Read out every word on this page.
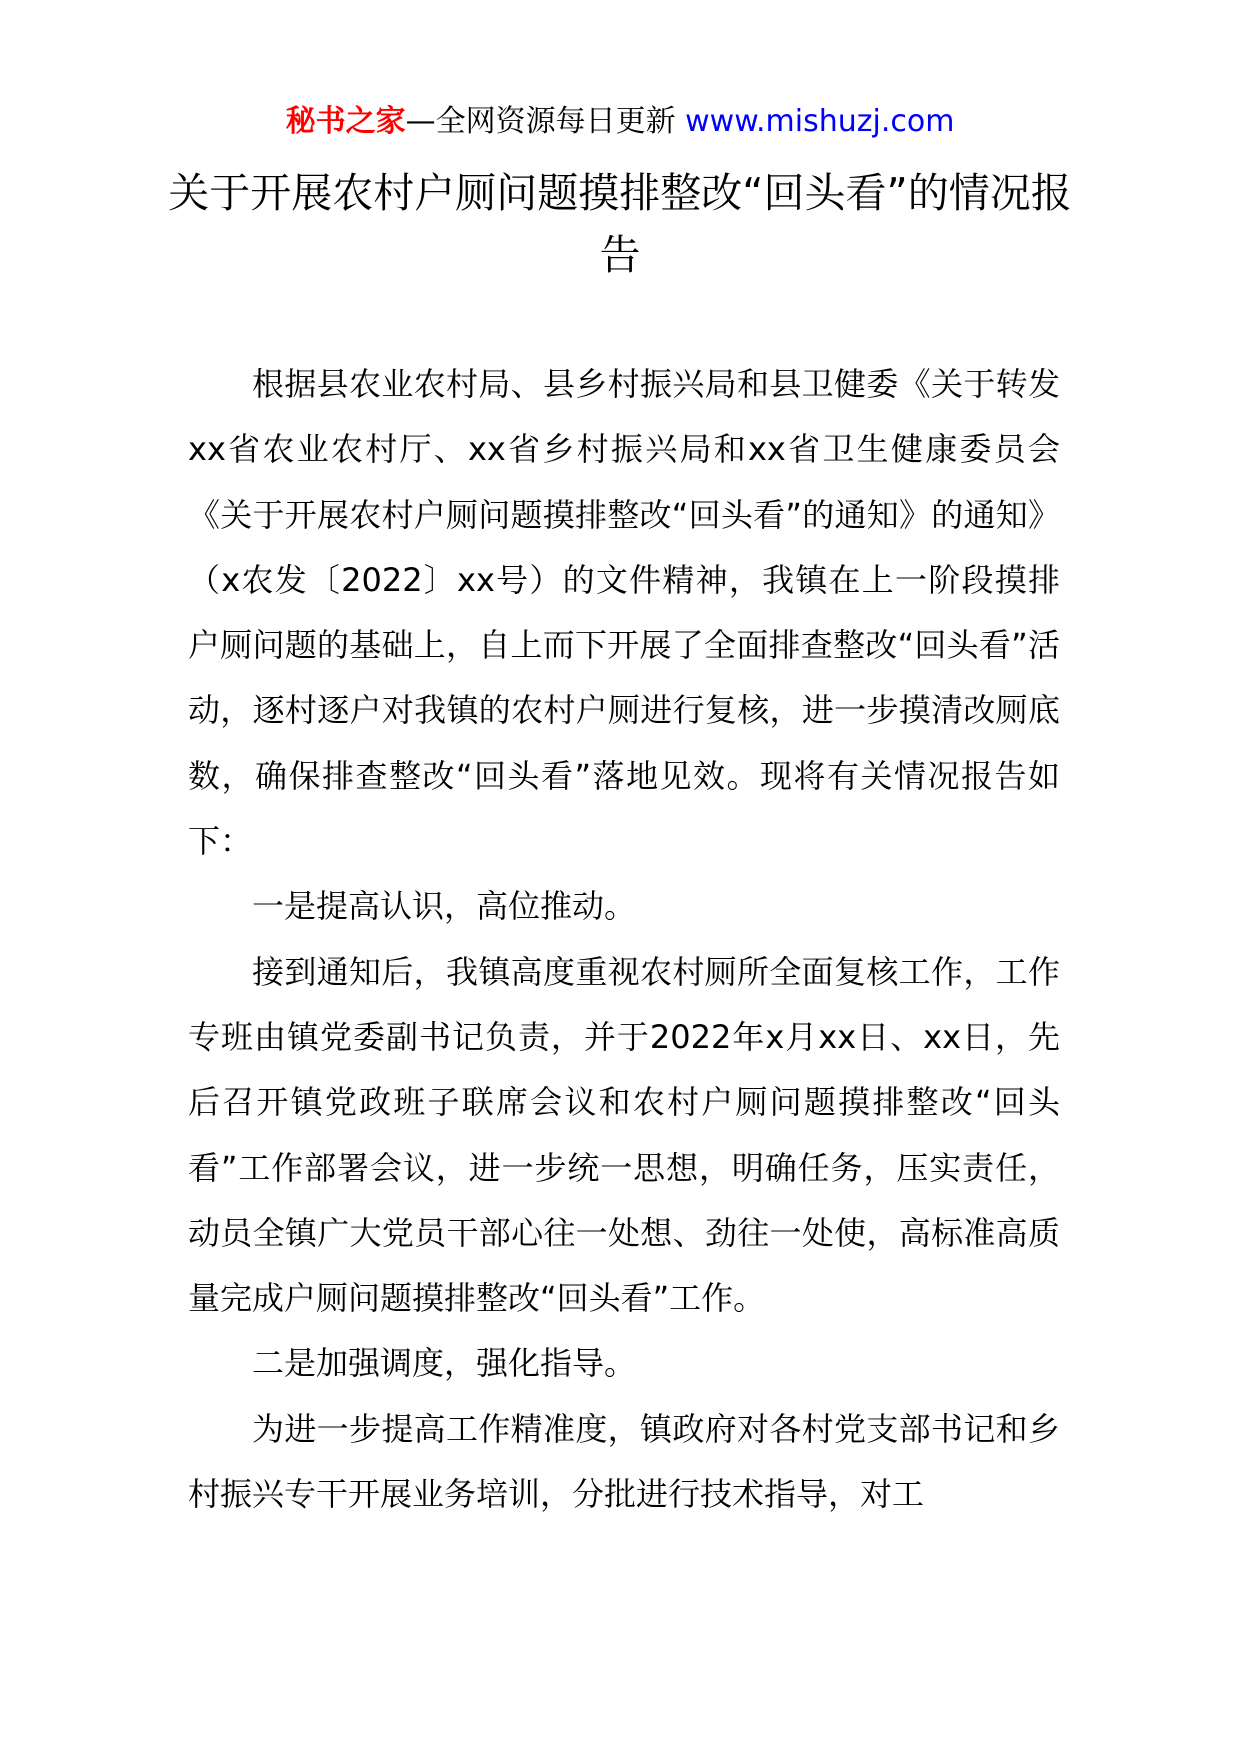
秘书之家—全网资源每日更新 www.mishuzj.com
关于开展农村户厕问题摸排整改“回头看”的情况报告

根据县农业农村局、县乡村振兴局和县卫健委《关于转发xx省农业农村厅、xx省乡村振兴局和xx省卫生健康委员会《关于开展农村户厕问题摸排整改“回头看”的通知》的通知》（x农发〔2022〕xx号）的文件精神，我镇在上一阶段摸排户厕问题的基础上，自上而下开展了全面排查整改“回头看”活动，逐村逐户对我镇的农村户厕进行复核，进一步摸清改厕底数，确保排查整改“回头看”落地见效。现将有关情况报告如下：

一是提高认识，高位推动。

接到通知后，我镇高度重视农村厕所全面复核工作，工作专班由镇党委副书记负责，并于2022年x月xx日、xx日，先后召开镇党政班子联席会议和农村户厕问题摸排整改“回头看”工作部署会议，进一步统一思想，明确任务，压实责任，动员全镇广大党员干部心往一处想、劲往一处使，高标准高质量完成户厕问题摸排整改“回头看”工作。

二是加强调度，强化指导。

为进一步提高工作精准度，镇政府对各村党支部书记和乡村振兴专干开展业务培训，分批进行技术指导，对工
